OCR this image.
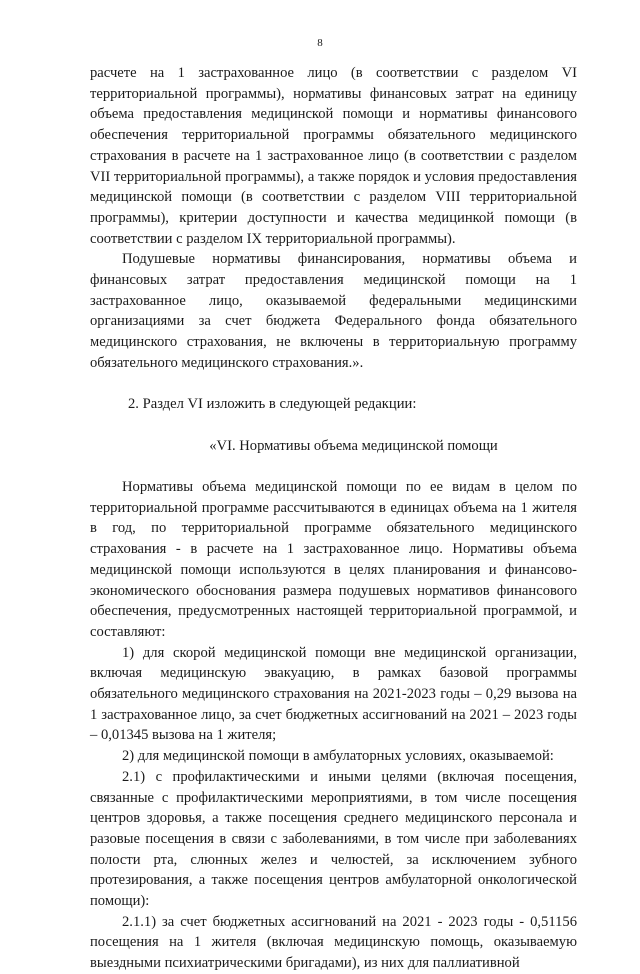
8

расчете на 1 застрахованное лицо (в соответствии с разделом VI территориальной программы), нормативы финансовых затрат на единицу объема предоставления медицинской помощи и нормативы финансового обеспечения территориальной программы обязательного медицинского страхования в расчете на 1 застрахованное лицо (в соответствии с разделом VII территориальной программы), а также порядок и условия предоставления медицинской помощи (в соответствии с разделом VIII территориальной программы), критерии доступности и качества медицинкой помощи (в соответствии с разделом IX территориальной программы).

Подушевые нормативы финансирования, нормативы объема и финансовых затрат предоставления медицинской помощи на 1 застрахованное лицо, оказываемой федеральными медицинскими организациями за счет бюджета Федерального фонда обязательного медицинского страхования, не включены в территориальную программу обязательного медицинского страхования.».

2. Раздел VI изложить в следующей редакции:

«VI. Нормативы объема медицинской помощи

Нормативы объема медицинской помощи по ее видам в целом по территориальной программе рассчитываются в единицах объема на 1 жителя в год, по территориальной программе обязательного медицинского страхования - в расчете на 1 застрахованное лицо. Нормативы объема медицинской помощи используются в целях планирования и финансово-экономического обоснования размера подушевых нормативов финансового обеспечения, предусмотренных настоящей территориальной программой, и составляют:

1) для скорой медицинской помощи вне медицинской организации, включая медицинскую эвакуацию, в рамках базовой программы обязательного медицинского страхования на 2021-2023 годы – 0,29 вызова на 1 застрахованное лицо, за счет бюджетных ассигнований на 2021 – 2023 годы – 0,01345 вызова на 1 жителя;

2) для медицинской помощи в амбулаторных условиях, оказываемой:

2.1) с профилактическими и иными целями (включая посещения, связанные с профилактическими мероприятиями, в том числе посещения центров здоровья, а также посещения среднего медицинского персонала и разовые посещения в связи с заболеваниями, в том числе при заболеваниях полости рта, слюнных желез и челюстей, за исключением зубного протезирования, а также посещения центров амбулаторной онкологической помощи):

2.1.1) за счет бюджетных ассигнований на 2021 - 2023 годы - 0,51156 посещения на 1 жителя (включая медицинскую помощь, оказываемую выездными психиатрическими бригадами), из них для паллиативной
